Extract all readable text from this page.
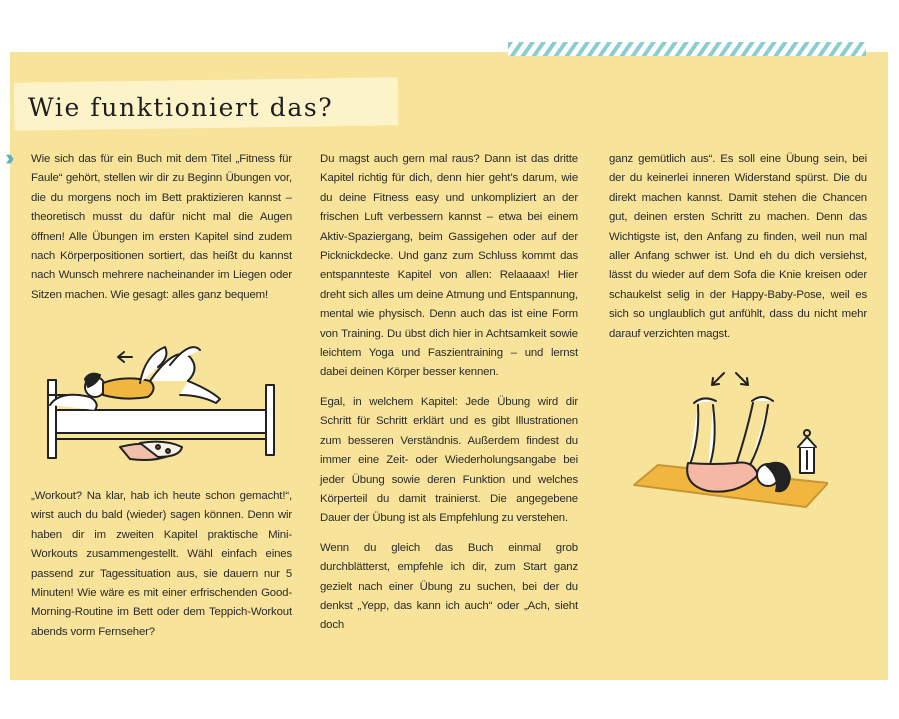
Wie funktioniert das?

Wie sich das für ein Buch mit dem Titel „Fitness für Faule“ gehört, stellen wir dir zu Beginn Übungen vor, die du morgens noch im Bett praktizieren kannst – theoretisch musst du dafür nicht mal die Augen öffnen! Alle Übungen im ersten Kapitel sind zudem nach Körperpositionen sortiert, das heißt du kannst nach Wunsch mehrere nacheinander im Liegen oder Sitzen machen. Wie gesagt: alles ganz bequem!

„Workout? Na klar, hab ich heute schon gemacht!“, wirst auch du bald (wieder) sagen können. Denn wir haben dir im zweiten Kapitel praktische Mini-Workouts zusammengestellt. Wähl einfach eines passend zur Tagessituation aus, sie dauern nur 5 Minuten! Wie wäre es mit einer erfrischenden Good-Morning-Routine im Bett oder dem Teppich-Workout abends vorm Fernseher?

Du magst auch gern mal raus? Dann ist das dritte Kapitel richtig für dich, denn hier geht’s darum, wie du deine Fitness easy und unkompliziert an der frischen Luft verbessern kannst – etwa bei einem Aktiv-Spaziergang, beim Gassigehen oder auf der Picknickdecke. Und ganz zum Schluss kommt das entspannteste Kapitel von allen: Relaaaax! Hier dreht sich alles um deine Atmung und Entspannung, mental wie physisch. Denn auch das ist eine Form von Training. Du übst dich hier in Achtsamkeit sowie leichtem Yoga und Faszientraining – und lernst dabei deinen Körper besser kennen.

Egal, in welchem Kapitel: Jede Übung wird dir Schritt für Schritt erklärt und es gibt Illustrationen zum besseren Verständnis. Außerdem findest du immer eine Zeit- oder Wiederholungsangabe bei jeder Übung sowie deren Funktion und welches Körperteil du damit trainierst. Die angegebene Dauer der Übung ist als Empfehlung zu verstehen.

Wenn du gleich das Buch einmal grob durchblätterst, empfehle ich dir, zum Start ganz gezielt nach einer Übung zu suchen, bei der du denkst „Yepp, das kann ich auch“ oder „Ach, sieht doch

ganz gemütlich aus“. Es soll eine Übung sein, bei der du keinerlei inneren Widerstand spürst. Die du direkt machen kannst. Damit stehen die Chancen gut, deinen ersten Schritt zu machen. Denn das Wichtigste ist, den Anfang zu finden, weil nun mal aller Anfang schwer ist. Und eh du dich versiehst, lässt du wieder auf dem Sofa die Knie kreisen oder schaukelst selig in der Happy-Baby-Pose, weil es sich so unglaublich gut anfühlt, dass du nicht mehr darauf verzichten magst.
